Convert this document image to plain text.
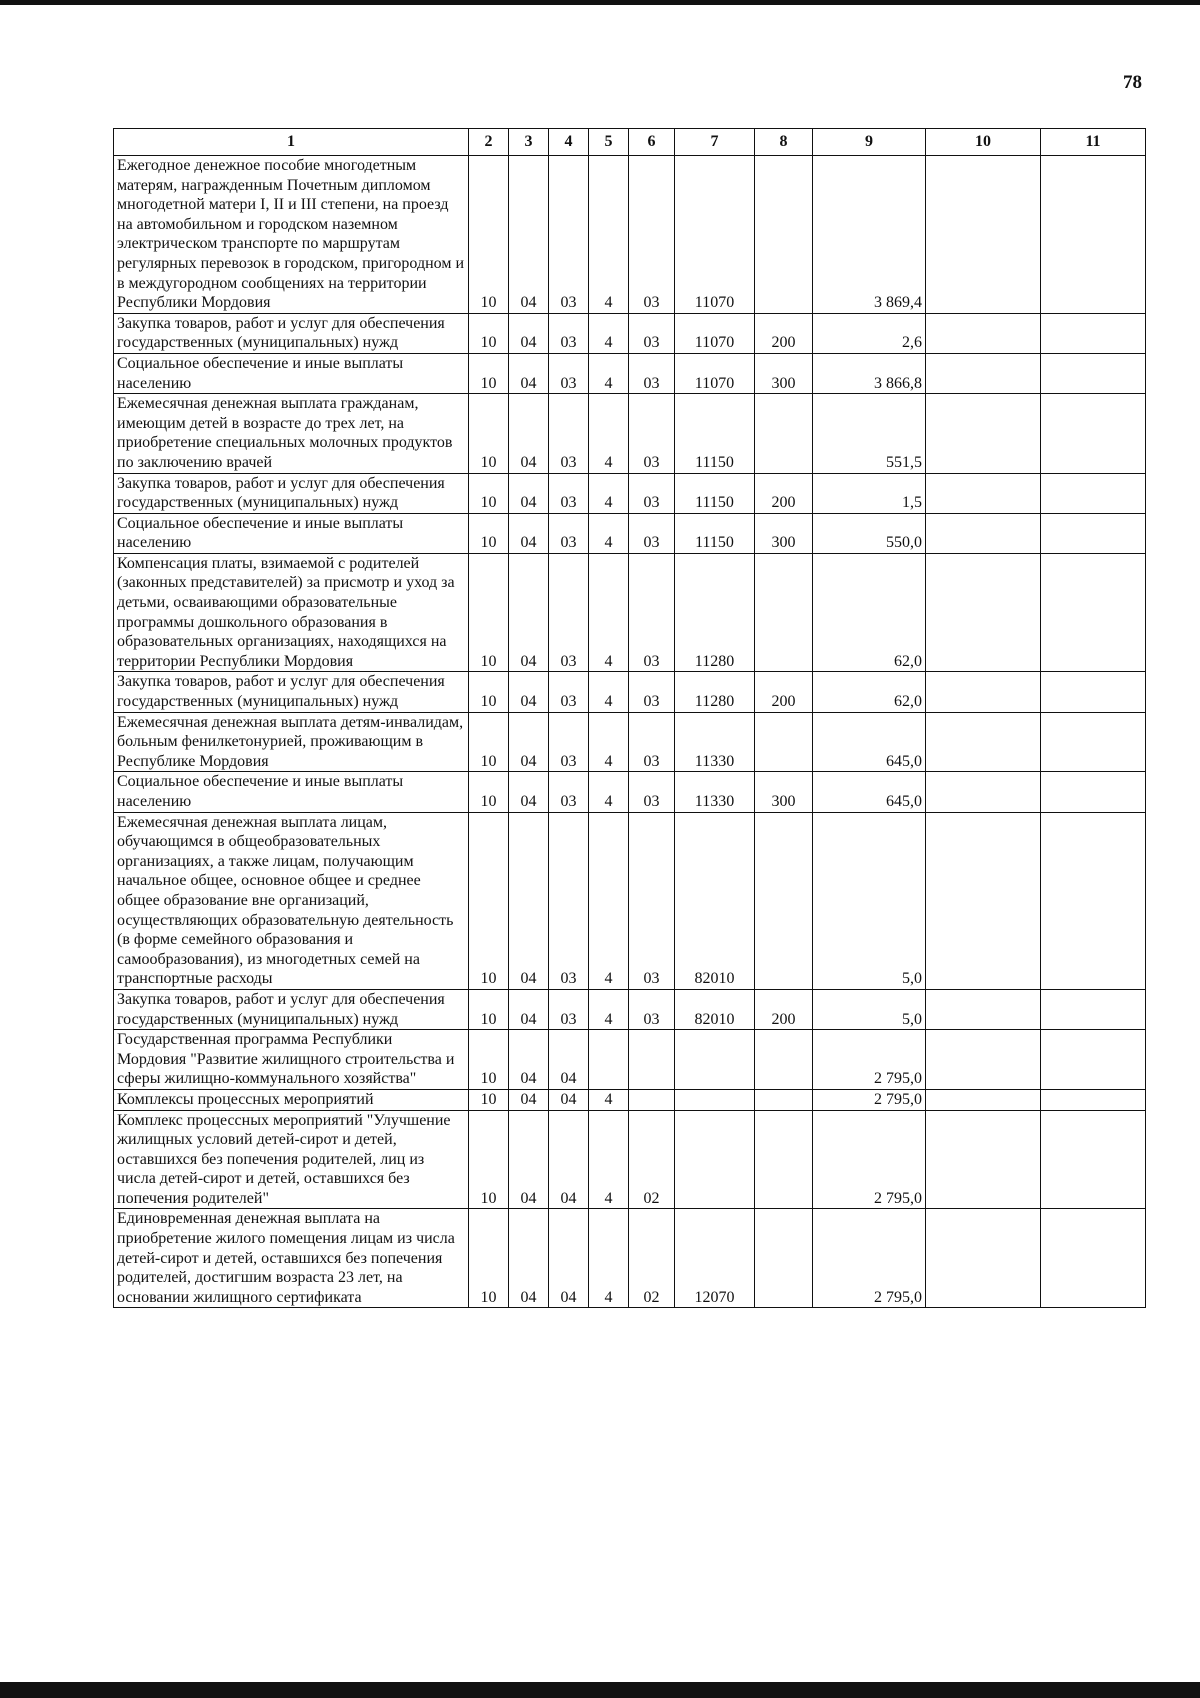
78
1	2	3	4	5	6	7	8	9	10	11
Ежегодное денежное пособие многодетным матерям, награжденным Почетным дипломом многодетной матери I, II и III степени, на проезд на автомобильном и городском наземном электрическом транспорте по маршрутам регулярных перевозок в городском, пригородном и в междугородном сообщениях на территории Республики Мордовия	10	04	03	4	03	11070		3 869,4		
Закупка товаров, работ и услуг для обеспечения государственных (муниципальных) нужд	10	04	03	4	03	11070	200	2,6		
Социальное обеспечение и иные выплаты населению	10	04	03	4	03	11070	300	3 866,8		
Ежемесячная денежная выплата гражданам, имеющим детей в возрасте до трех лет, на приобретение специальных молочных продуктов по заключению врачей	10	04	03	4	03	11150		551,5		
Закупка товаров, работ и услуг для обеспечения государственных (муниципальных) нужд	10	04	03	4	03	11150	200	1,5		
Социальное обеспечение и иные выплаты населению	10	04	03	4	03	11150	300	550,0		
Компенсация платы, взимаемой с родителей (законных представителей) за присмотр и уход за детьми, осваивающими образовательные программы дошкольного образования в образовательных организациях, находящихся на территории Республики Мордовия	10	04	03	4	03	11280		62,0		
Закупка товаров, работ и услуг для обеспечения государственных (муниципальных) нужд	10	04	03	4	03	11280	200	62,0		
Ежемесячная денежная выплата детям-инвалидам, больным фенилкетонурией, проживающим в Республике Мордовия	10	04	03	4	03	11330		645,0		
Социальное обеспечение и иные выплаты населению	10	04	03	4	03	11330	300	645,0		
Ежемесячная денежная выплата лицам, обучающимся в общеобразовательных организациях, а также лицам, получающим начальное общее, основное общее и среднее общее образование вне организаций, осуществляющих образовательную деятельность (в форме семейного образования и самообразования), из многодетных семей на транспортные расходы	10	04	03	4	03	82010		5,0		
Закупка товаров, работ и услуг для обеспечения государственных (муниципальных) нужд	10	04	03	4	03	82010	200	5,0		
Государственная программа Республики Мордовия "Развитие жилищного строительства и сферы жилищно-коммунального хозяйства"	10	04	04					2 795,0		
Комплексы процессных мероприятий	10	04	04	4				2 795,0		
Комплекс процессных мероприятий "Улучшение жилищных условий детей-сирот и детей, оставшихся без попечения родителей, лиц из числа детей-сирот и детей, оставшихся без попечения родителей"	10	04	04	4	02			2 795,0		
Единовременная денежная выплата на приобретение жилого помещения лицам из числа детей-сирот и детей, оставшихся без попечения родителей, достигшим возраста 23 лет, на основании жилищного сертификата	10	04	04	4	02	12070		2 795,0		
